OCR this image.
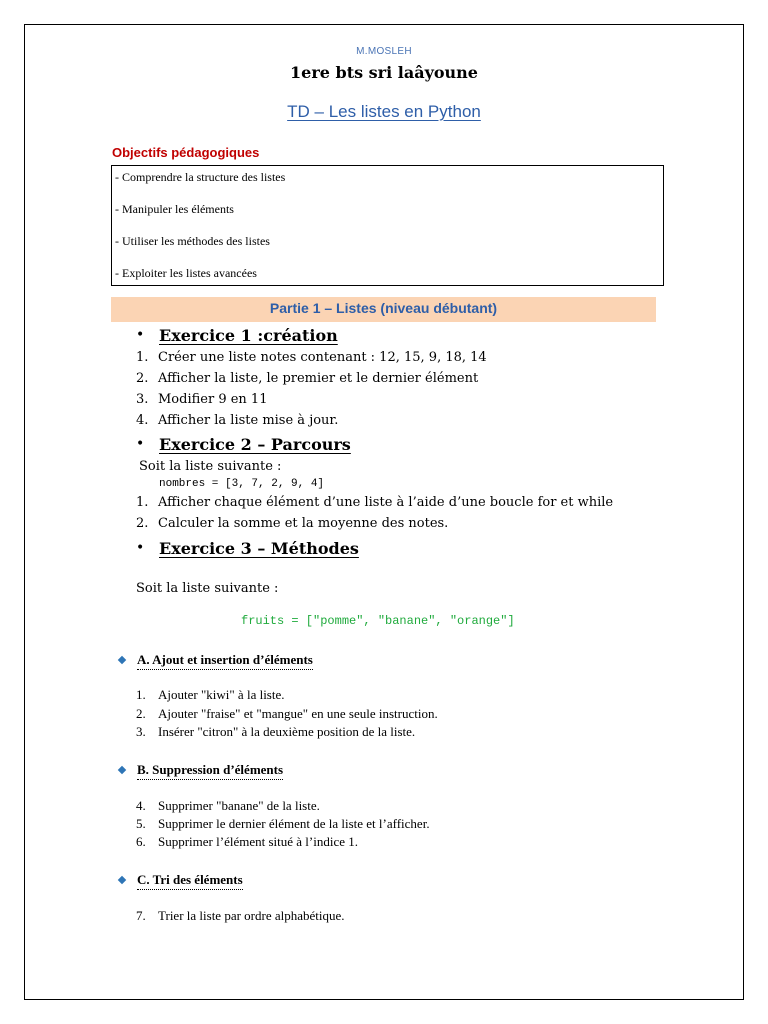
M.MOSLEH
1ere bts sri laâyoune
TD – Les listes en Python
Objectifs pédagogiques
- Comprendre la structure des listes
- Manipuler les éléments
- Utiliser les méthodes des listes
- Exploiter les listes avancées
Partie 1 – Listes (niveau débutant)
• Exercice 1 :création
1. Créer une liste notes contenant : 12, 15, 9, 18, 14
2. Afficher la liste, le premier et le dernier élément
3. Modifier 9 en 11
4. Afficher la liste mise à jour.
• Exercice 2 – Parcours
Soit la liste suivante :
nombres = [3, 7, 2, 9, 4]
1. Afficher chaque élément d’une liste à l’aide d’une boucle for et while
2. Calculer la somme et la moyenne des notes.
• Exercice 3 – Méthodes
Soit la liste suivante :
fruits = ["pomme", "banane", "orange"]
A. Ajout et insertion d’éléments
1. Ajouter "kiwi" à la liste.
2. Ajouter "fraise" et "mangue" en une seule instruction.
3. Insérer "citron" à la deuxième position de la liste.
B. Suppression d’éléments
4. Supprimer "banane" de la liste.
5. Supprimer le dernier élément de la liste et l’afficher.
6. Supprimer l’élément situé à l’indice 1.
C. Tri des éléments
7. Trier la liste par ordre alphabétique.
